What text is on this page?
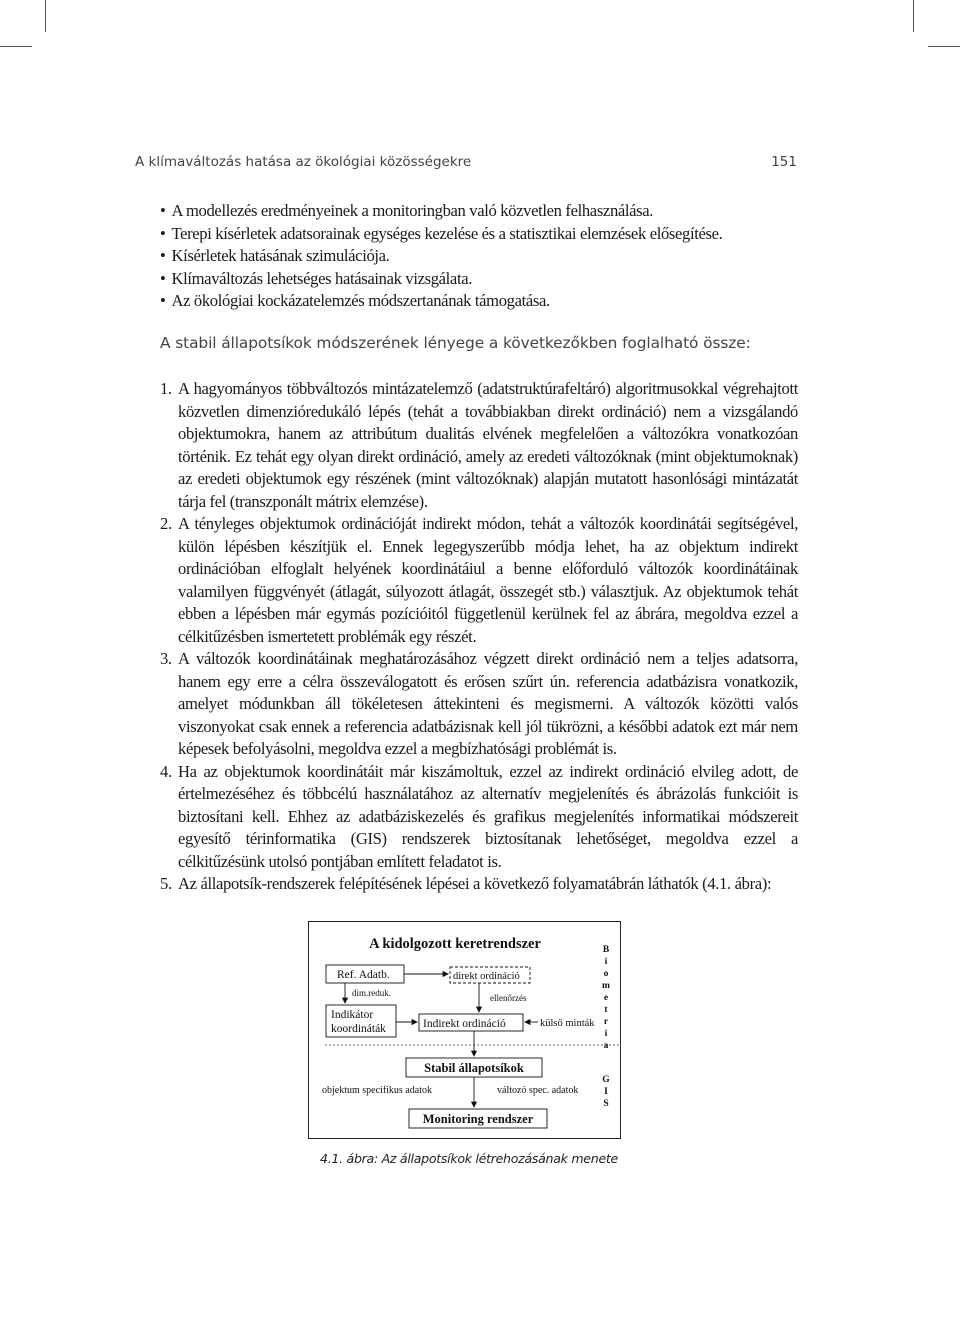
A klímaváltozás hatása az ökológiai közösségekre	151
• A modellezés eredményeinek a monitoringban való közvetlen felhasználása.
• Terepi kísérletek adatsorainak egységes kezelése és a statisztikai elemzések elősegítése.
• Kísérletek hatásának szimulációja.
• Klímaváltozás lehetséges hatásainak vizsgálata.
• Az ökológiai kockázatelemzés módszertanának támogatása.
A stabil állapotsíkok módszerének lényege a következőkben foglalható össze:
1. A hagyományos többváltozós mintázatelemző (adatstruktúrafeltáró) algoritmusokkal végrehajtott közvetlen dimenzióredukáló lépés (tehát a továbbiakban direkt ordináció) nem a vizsgálandó objektumokra, hanem az attribútum dualitás elvének megfelelően a változókra vonatkozóan történik. Ez tehát egy olyan direkt ordináció, amely az eredeti változóknak (mint objektumoknak) az eredeti objektumok egy részének (mint változóknak) alapján mutatott hasonlósági mintázatát tárja fel (transzponált mátrix elemzése).
2. A tényleges objektumok ordinációját indirekt módon, tehát a változók koordinátái segítségével, külön lépésben készítjük el. Ennek legegyszerűbb módja lehet, ha az objektum indirekt ordinációban elfoglalt helyének koordinátáiul a benne előforduló változók koordinátáinak valamilyen függvényét (átlagát, súlyozott átlagát, összegét stb.) választjuk. Az objektumok tehát ebben a lépésben már egymás pozícióitól függetlenül kerülnek fel az ábrára, megoldva ezzel a célkitűzésben ismertetett problémák egy részét.
3. A változók koordinátáinak meghatározásához végzett direkt ordináció nem a teljes adatsorra, hanem egy erre a célra összeválogatott és erősen szűrt ún. referencia adatbázisra vonatkozik, amelyet módunkban áll tökéletesen áttekinteni és megismerni. A változók közötti valós viszonyokat csak ennek a referencia adatbázisnak kell jól tükrözni, a későbbi adatok ezt már nem képesek befolyásolni, megoldva ezzel a megbízhatósági problémát is.
4. Ha az objektumok koordinátáit már kiszámoltuk, ezzel az indirekt ordináció elvileg adott, de értelmezéséhez és többcélú használatához az alternatív megjelenítés és ábrázolás funkcióit is biztosítani kell. Ehhez az adatbáziskezelés és grafikus megjelenítés informatikai módszereit egyesítő térinformatika (GIS) rendszerek biztosítanak lehetőséget, megoldva ezzel a célkitűzésünk utolsó pontjában említett feladatot is.
5. Az állapotsík-rendszerek felépítésének lépései a következő folyamatábrán láthatók (4.1. ábra):
A kidolgozott keretrendszer	B
i
o
m
e
t
r
i
a
G
I
S
Ref. Adatb.	direkt ordináció
dim.reduk.	ellenőrzés
Indikátor
koordináták	Indirekt ordináció	külső minták
Stabil állapotsíkok
objektum specifikus adatok	változó spec. adatok
Monitoring rendszer
4.1. ábra: Az állapotsíkok létrehozásának menete
